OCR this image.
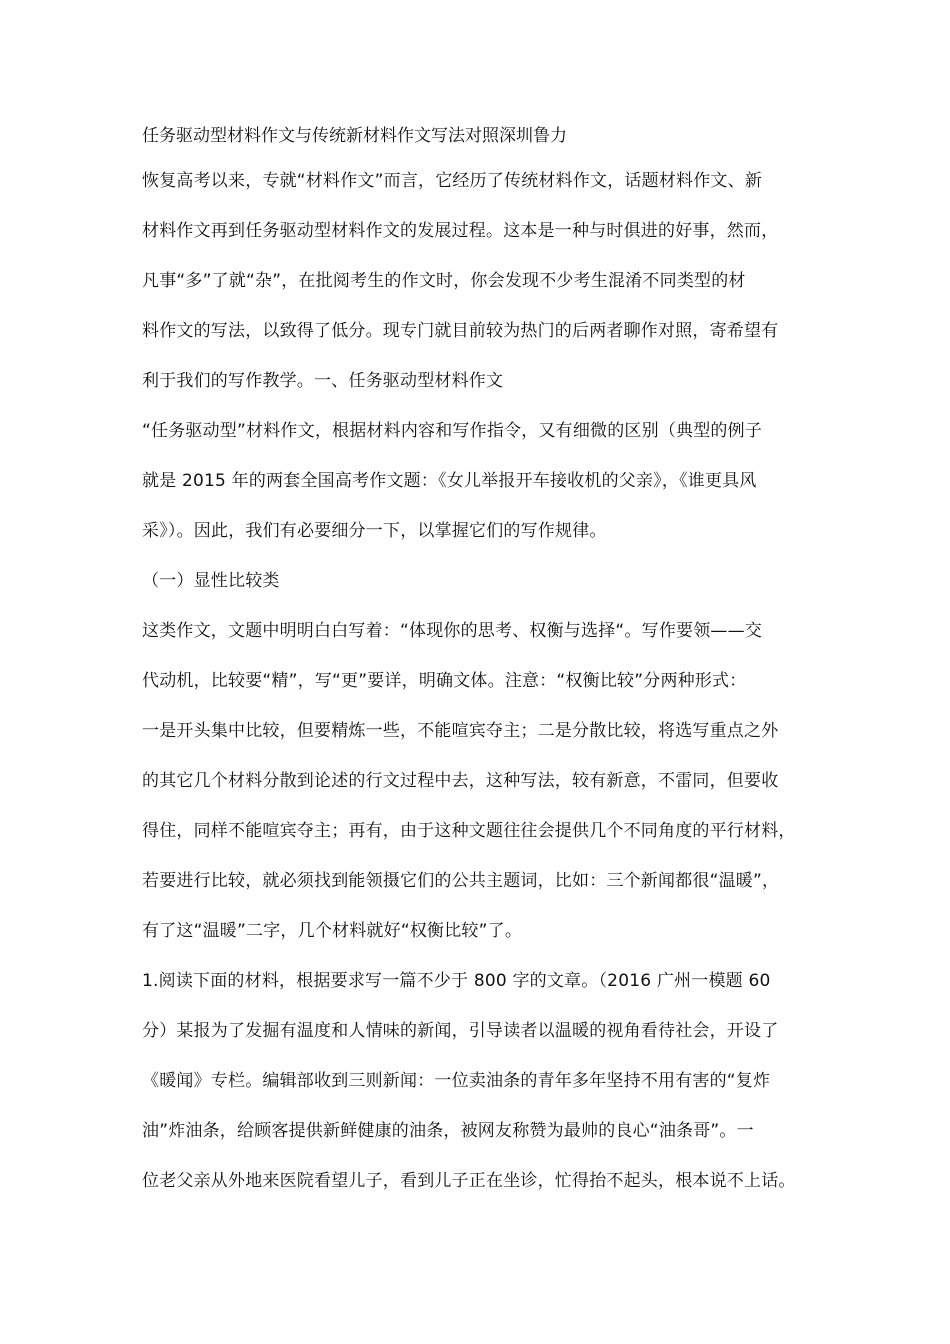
任务驱动型材料作文与传统新材料作文写法对照深圳鲁力
恢复高考以来，专就“材料作文”而言，它经历了传统材料作文，话题材料作文、新
材料作文再到任务驱动型材料作文的发展过程。这本是一种与时俱进的好事，然而，
凡事“多”了就“杂”，在批阅考生的作文时，你会发现不少考生混淆不同类型的材
料作文的写法，以致得了低分。现专门就目前较为热门的后两者聊作对照，寄希望有
利于我们的写作教学。一、任务驱动型材料作文
“任务驱动型”材料作文，根据材料内容和写作指令，又有细微的区别（典型的例子
就是 2015 年的两套全国高考作文题：《女儿举报开车接收机的父亲》，《谁更具风
采》）。因此，我们有必要细分一下，以掌握它们的写作规律。
（一）显性比较类
这类作文，文题中明明白白写着：“体现你的思考、权衡与选择“。写作要领——交
代动机，比较要“精”，写“更”要详，明确文体。注意：“权衡比较”分两种形式：
一是开头集中比较，但要精炼一些，不能喧宾夺主；二是分散比较，将选写重点之外
的其它几个材料分散到论述的行文过程中去，这种写法，较有新意，不雷同，但要收
得住，同样不能喧宾夺主；再有，由于这种文题往往会提供几个不同角度的平行材料，
若要进行比较，就必须找到能领摄它们的公共主题词，比如：三个新闻都很“温暖”，
有了这“温暖”二字，几个材料就好“权衡比较”了。
1.阅读下面的材料，根据要求写一篇不少于 800 字的文章。（2016 广州一模题 60
分）某报为了发掘有温度和人情味的新闻，引导读者以温暖的视角看待社会，开设了
《暖闻》专栏。编辑部收到三则新闻：一位卖油条的青年多年坚持不用有害的“复炸
油”炸油条，给顾客提供新鲜健康的油条，被网友称赞为最帅的良心“油条哥”。一
位老父亲从外地来医院看望儿子，看到儿子正在坐诊，忙得抬不起头，根本说不上话。
